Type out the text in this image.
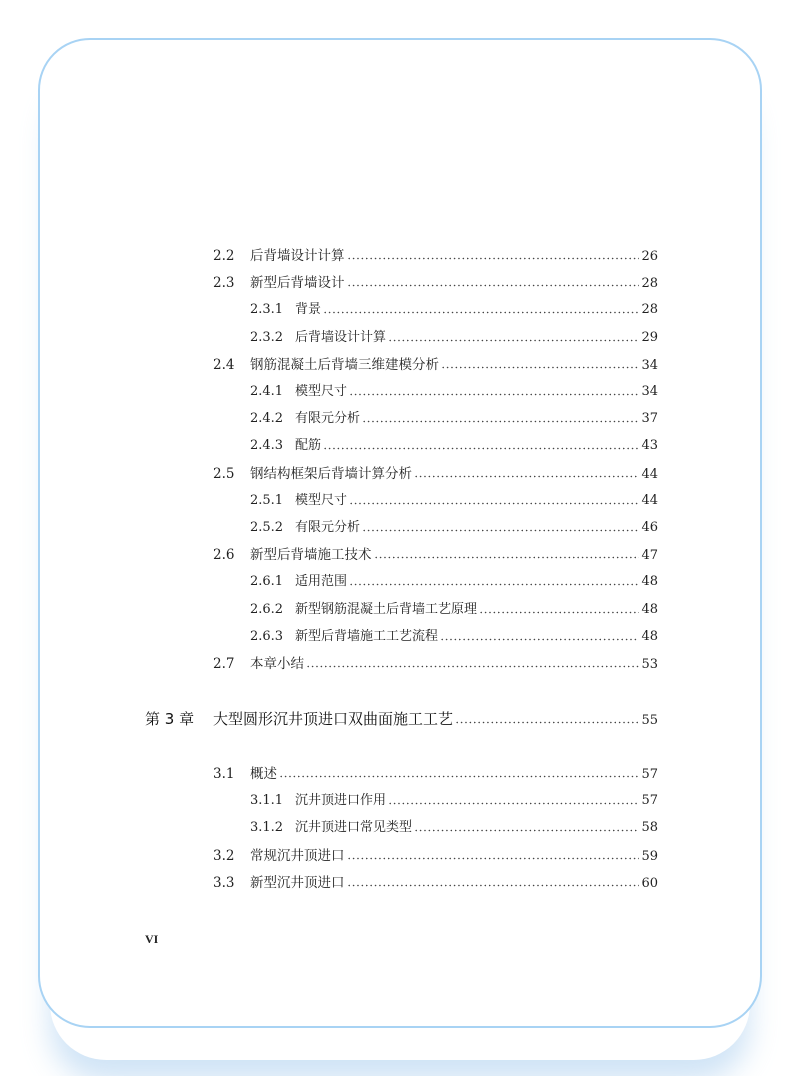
2.2	后背墙设计计算	26
2.3	新型后背墙设计	28
2.3.1 背景	28
2.3.2 后背墙设计计算	29
2.4	钢筋混凝土后背墙三维建模分析	34
2.4.1 模型尺寸	34
2.4.2 有限元分析	37
2.4.3 配筋	43
2.5	钢结构框架后背墙计算分析	44
2.5.1 模型尺寸	44
2.5.2 有限元分析	46
2.6	新型后背墙施工技术	47
2.6.1 适用范围	48
2.6.2 新型钢筋混凝土后背墙工艺原理	48
2.6.3 新型后背墙施工工艺流程	48
2.7	本章小结	53
第 3 章	大型圆形沉井顶进口双曲面施工工艺	55
3.1	概述	57
3.1.1 沉井顶进口作用	57
3.1.2 沉井顶进口常见类型	58
3.2	常规沉井顶进口	59
3.3	新型沉井顶进口	60
VI
